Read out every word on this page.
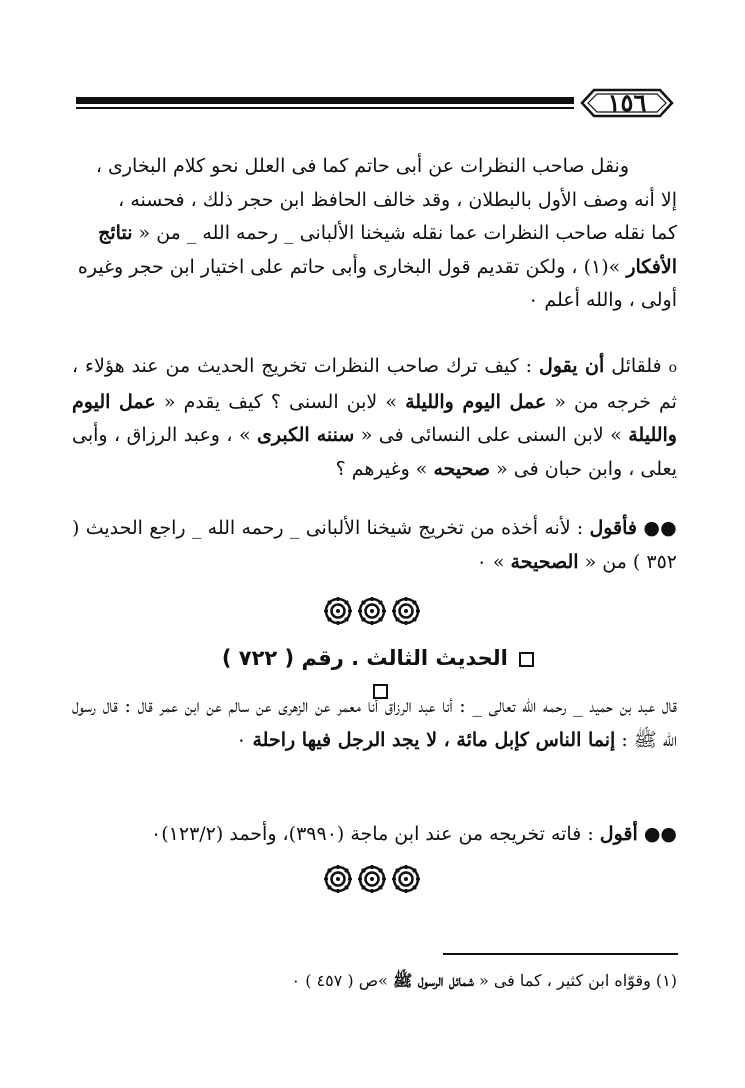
١٥٦
ونقل صاحب النظرات عن أبى حاتم كما فى العلل نحو كلام البخارى ،
إلا أنه وصف الأول بالبطلان ، وقد خالف الحافظ ابن حجر ذلك ، فحسنه ،
كما نقله صاحب النظرات عما نقله شيخنا الألبانى _ رحمه الله _ من « نتائج
الأفكار »(١) ، ولكن تقديم قول البخارى وأبى حاتم على اختيار ابن حجر وغيره
أولى ، والله أعلم ٠
o فلقائل أن يقول : كيف ترك صاحب النظرات تخريج الحديث من عند هؤلاء ، ثم خرجه من « عمل اليوم والليلة » لابن السنى ؟ كيف يقدم « عمل اليوم والليلة » لابن السنى على النسائى فى « سننه الكبرى » ، وعبد الرزاق ، وأبى يعلى ، وابن حبان فى « صحيحه » وغيرهم ؟
●● فأقول : لأنه أخذه من تخريج شيخنا الألبانى _ رحمه الله _ راجع الحديث ( ٣٥٢ ) من « الصحيحة » ٠
الحديث الثالث . رقم ( ٧٢٢ )
قال عبد بن حميد _ رحمه الله تعالى _ : أنا عبد الرزاق أنا معمر عن الزهرى عن سالم عن ابن عمر قال : قال رسول الله ﷺ : إنما الناس كإبل مائة ، لا يجد الرجل فيها راحلة ٠
●● أقول : فاته تخريجه من عند ابن ماجة (٣٩٩٠)، وأحمد (١٢٣/٢)٠
(١) وقوّاه ابن كثير ، كما فى « شمائل الرسول ﷺ »ص ( ٤٥٧ ) ٠
